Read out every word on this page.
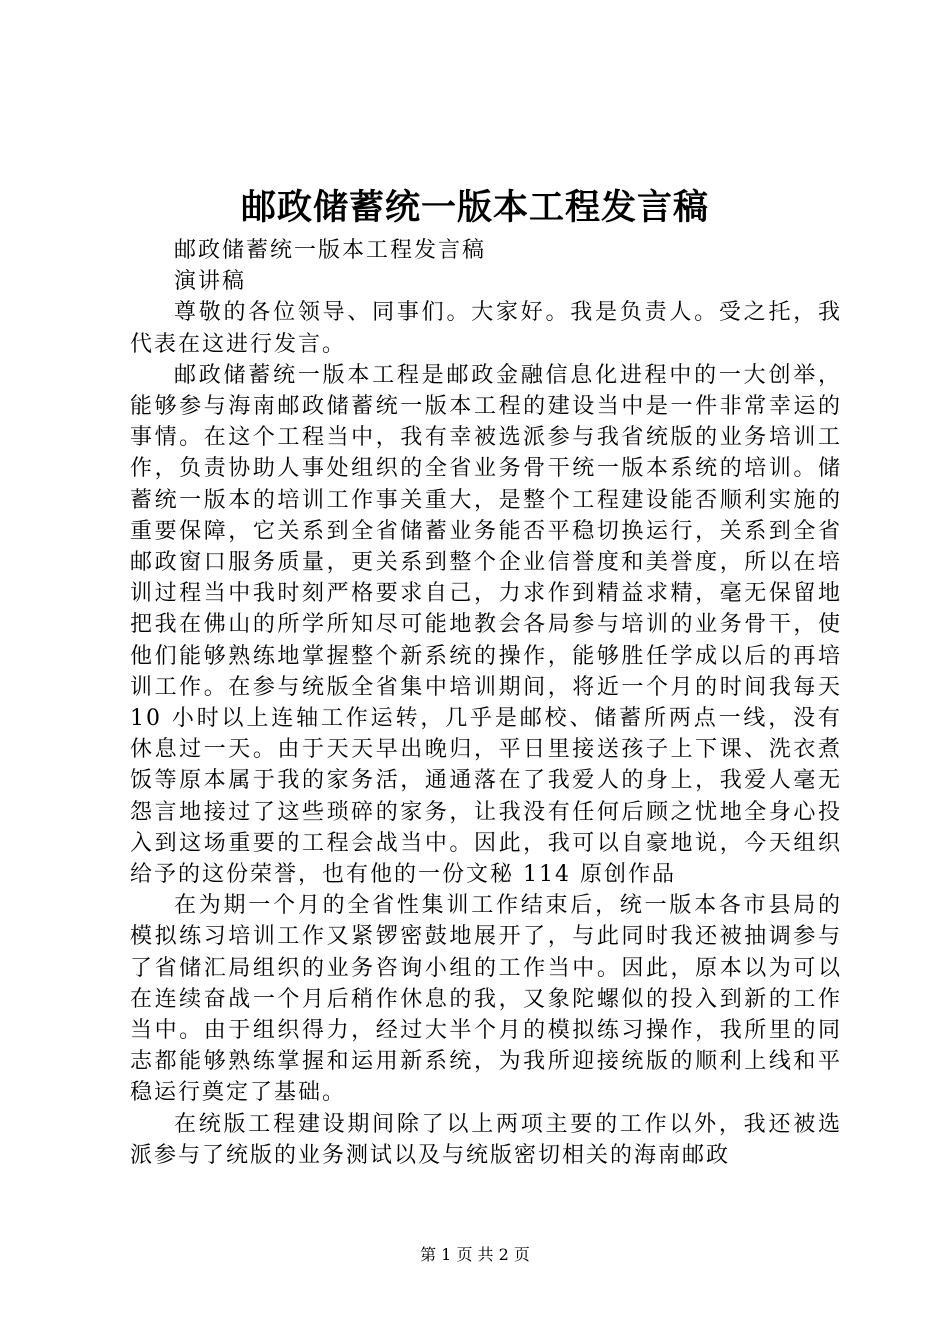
邮政储蓄统一版本工程发言稿

邮政储蓄统一版本工程发言稿

演讲稿

尊敬的各位领导、同事们。大家好。我是负责人。受之托，我代表在这进行发言。

邮政储蓄统一版本工程是邮政金融信息化进程中的一大创举，能够参与海南邮政储蓄统一版本工程的建设当中是一件非常幸运的事情。在这个工程当中，我有幸被选派参与我省统版的业务培训工作，负责协助人事处组织的全省业务骨干统一版本系统的培训。储蓄统一版本的培训工作事关重大，是整个工程建设能否顺利实施的重要保障，它关系到全省储蓄业务能否平稳切换运行，关系到全省邮政窗口服务质量，更关系到整个企业信誉度和美誉度，所以在培训过程当中我时刻严格要求自己，力求作到精益求精，毫无保留地把我在佛山的所学所知尽可能地教会各局参与培训的业务骨干，使他们能够熟练地掌握整个新系统的操作，能够胜任学成以后的再培训工作。在参与统版全省集中培训期间，将近一个月的时间我每天 10 小时以上连轴工作运转，几乎是邮校、储蓄所两点一线，没有休息过一天。由于天天早出晚归，平日里接送孩子上下课、洗衣煮饭等原本属于我的家务活，通通落在了我爱人的身上，我爱人毫无怨言地接过了这些琐碎的家务，让我没有任何后顾之忧地全身心投入到这场重要的工程会战当中。因此，我可以自豪地说，今天组织给予的这份荣誉，也有他的一份文秘 114 原创作品

在为期一个月的全省性集训工作结束后，统一版本各市县局的模拟练习培训工作又紧锣密鼓地展开了，与此同时我还被抽调参与了省储汇局组织的业务咨询小组的工作当中。因此，原本以为可以在连续奋战一个月后稍作休息的我，又象陀螺似的投入到新的工作当中。由于组织得力，经过大半个月的模拟练习操作，我所里的同志都能够熟练掌握和运用新系统，为我所迎接统版的顺利上线和平稳运行奠定了基础。

在统版工程建设期间除了以上两项主要的工作以外，我还被选派参与了统版的业务测试以及与统版密切相关的海南邮政

第 1 页 共 2 页
